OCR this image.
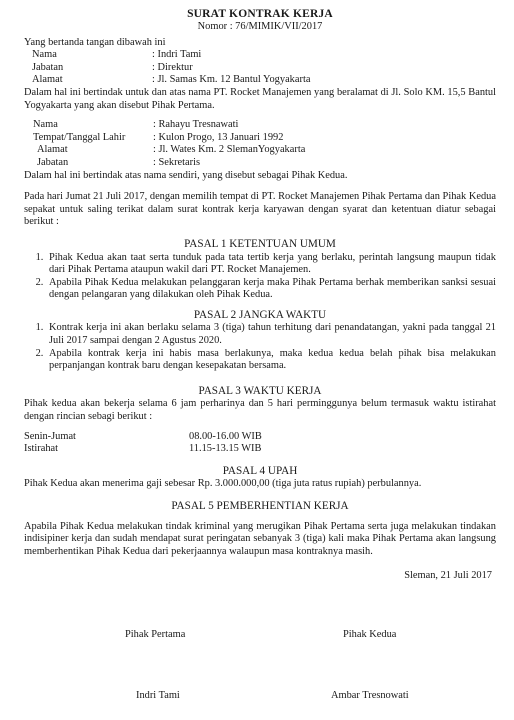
SURAT KONTRAK KERJA

Nomor : 76/MIMIK/VII/2017

Yang bertanda tangan dibawah ini

Nama	: Indri Tami
Jabatan	: Direktur
Alamat	: Jl. Samas Km. 12 Bantul Yogyakarta

Dalam hal ini bertindak untuk dan atas nama PT. Rocket Manajemen yang beralamat di Jl. Solo KM. 15,5 Bantul Yogyakarta yang akan disebut Pihak Pertama.

Nama	: Rahayu Tresnawati
Tempat/Tanggal Lahir	: Kulon Progo, 13 Januari 1992
Alamat	: Jl. Wates Km. 2 SlemanYogyakarta
Jabatan	: Sekretaris

Dalam hal ini bertindak atas nama sendiri, yang disebut sebagai Pihak Kedua.

Pada hari Jumat 21 Juli 2017, dengan memilih tempat di PT. Rocket Manajemen Pihak Pertama dan Pihak Kedua sepakat untuk saling terikat dalam surat kontrak kerja karyawan dengan syarat dan ketentuan diatur sebagai berikut :

PASAL 1 KETENTUAN UMUM

1. Pihak Kedua akan taat serta tunduk pada tata tertib kerja yang berlaku, perintah langsung maupun tidak dari Pihak Pertama ataupun wakil dari PT. Rocket Manajemen.
2. Apabila Pihak Kedua melakukan pelanggaran kerja maka Pihak Pertama berhak memberikan sanksi sesuai dengan pelangaran yang dilakukan oleh Pihak Kedua.

PASAL 2 JANGKA WAKTU

1. Kontrak kerja ini akan berlaku selama 3 (tiga) tahun terhitung dari penandatangan, yakni pada tanggal 21 Juli 2017 sampai dengan 2 Agustus 2020.
2. Apabila kontrak kerja ini habis masa berlakunya, maka kedua kedua belah pihak bisa melakukan perpanjangan kontrak baru dengan kesepakatan bersama.

PASAL 3 WAKTU KERJA

Pihak kedua akan bekerja selama 6 jam perharinya dan 5 hari perminggunya belum termasuk waktu istirahat dengan rincian sebagi berikut :

Senin-Jumat	08.00-16.00 WIB
Istirahat	11.15-13.15 WIB

PASAL 4 UPAH

Pihak Kedua akan menerima gaji sebesar Rp. 3.000.000,00 (tiga juta ratus rupiah) perbulannya.

PASAL 5 PEMBERHENTIAN KERJA

Apabila Pihak Kedua melakukan tindak kriminal yang merugikan Pihak Pertama serta juga melakukan tindakan indisipiner kerja dan sudah mendapat surat peringatan sebanyak 3 (tiga) kali maka Pihak Pertama akan langsung memberhentikan Pihak Kedua dari pekerjaannya walaupun masa kontraknya masih.

Sleman, 21 Juli 2017

Pihak Pertama	Pihak Kedua
Indri Tami	Ambar Tresnowati
